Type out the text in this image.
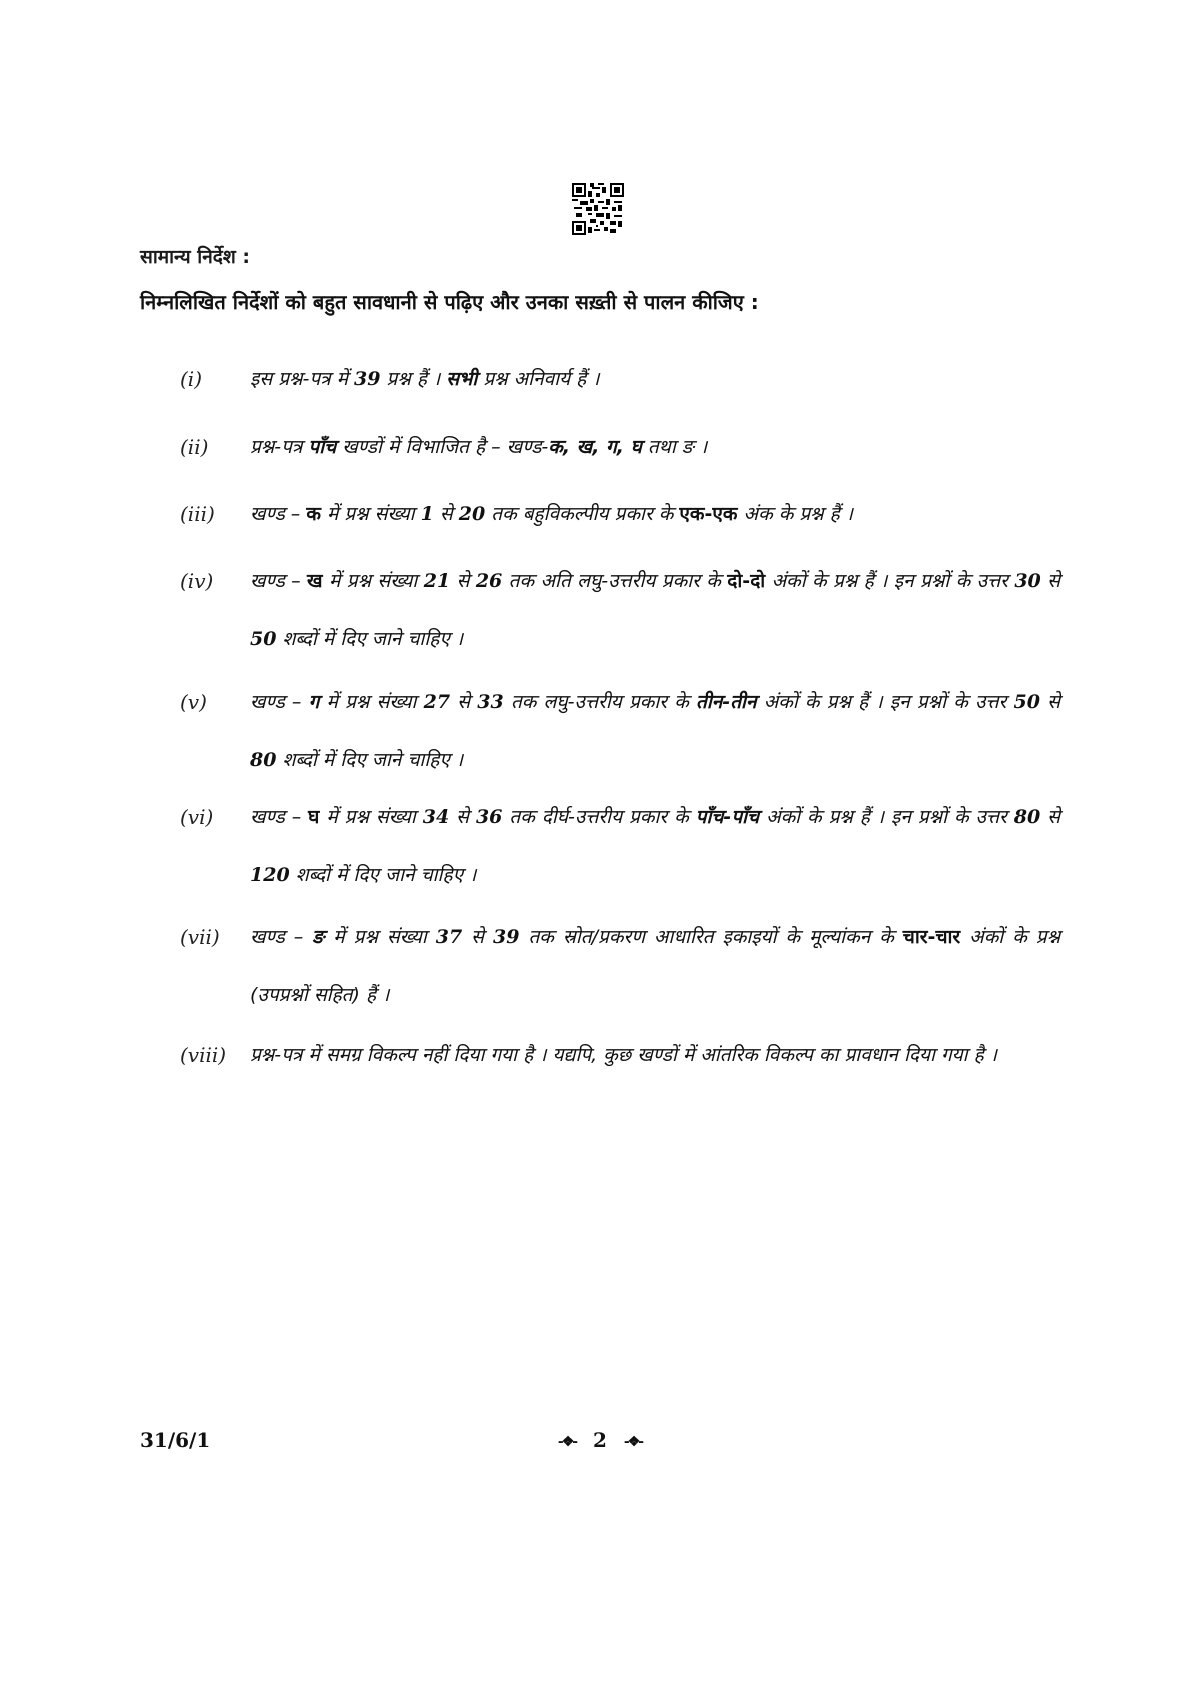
सामान्य निर्देश :
निम्नलिखित निर्देशों को बहुत सावधानी से पढ़िए और उनका सख़्ती से पालन कीजिए :
(i)	इस प्रश्न-पत्र में 39 प्रश्न हैं । सभी प्रश्न अनिवार्य हैं ।
(ii)	प्रश्न-पत्र पाँच खण्डों में विभाजित है – खण्ड-क, ख, ग, घ तथा ङ ।
(iii)	खण्ड – क में प्रश्न संख्या 1 से 20 तक बहुविकल्पीय प्रकार के एक-एक अंक के प्रश्न हैं ।
(iv)	खण्ड – ख में प्रश्न संख्या 21 से 26 तक अति लघु-उत्तरीय प्रकार के दो-दो अंकों के प्रश्न हैं । इन प्रश्नों के उत्तर 30 से 50 शब्दों में दिए जाने चाहिए ।
(v)	खण्ड – ग में प्रश्न संख्या 27 से 33 तक लघु-उत्तरीय प्रकार के तीन-तीन अंकों के प्रश्न हैं । इन प्रश्नों के उत्तर 50 से 80 शब्दों में दिए जाने चाहिए ।
(vi)	खण्ड – घ में प्रश्न संख्या 34 से 36 तक दीर्घ-उत्तरीय प्रकार के पाँच-पाँच अंकों के प्रश्न हैं । इन प्रश्नों के उत्तर 80 से 120 शब्दों में दिए जाने चाहिए ।
(vii)	खण्ड – ङ में प्रश्न संख्या 37 से 39 तक स्रोत/प्रकरण आधारित इकाइयों के मूल्यांकन के चार-चार अंकों के प्रश्न (उपप्रश्नों सहित) हैं ।
(viii)	प्रश्न-पत्र में समग्र विकल्प नहीं दिया गया है । यद्यपि, कुछ खण्डों में आंतरिक विकल्प का प्रावधान दिया गया है ।
31/6/1	-❖- 2 -❖-
